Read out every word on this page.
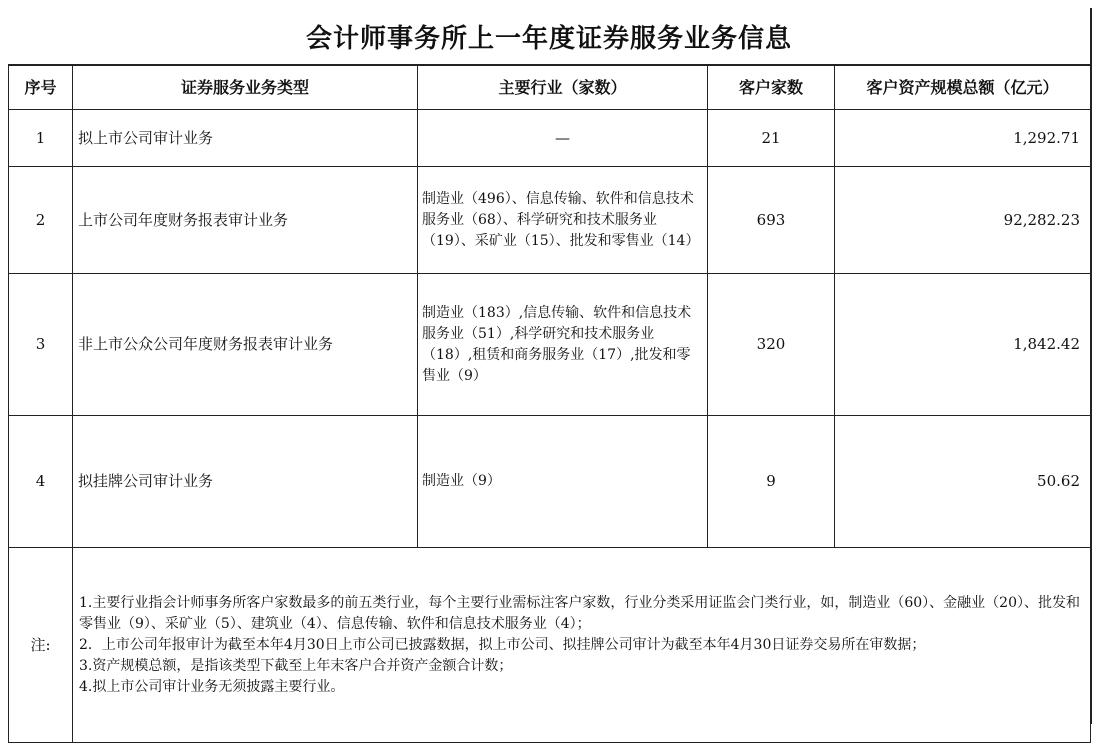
会计师事务所上一年度证券服务业务信息
序号	证券服务业务类型	主要行业（家数）	客户家数	客户资产规模总额（亿元）
1	拟上市公司审计业务	—	21	1,292.71
2	上市公司年度财务报表审计业务	制造业（496）、信息传输、软件和信息技术服务业（68）、科学研究和技术服务业（19）、采矿业（15）、批发和零售业（14）	693	92,282.23
3	非上市公众公司年度财务报表审计业务	制造业（183）,信息传输、软件和信息技术服务业（51）,科学研究和技术服务业（18）,租赁和商务服务业（17）,批发和零售业（9）	320	1,842.42
4	拟挂牌公司审计业务	制造业（9）	9	50.62
注:	1.主要行业指会计师事务所客户家数最多的前五类行业，每个主要行业需标注客户家数，行业分类采用证监会门类行业，如，制造业（60）、金融业（20）、批发和零售业（9）、采矿业（5）、建筑业（4）、信息传输、软件和信息技术服务业（4）；
2．上市公司年报审计为截至本年4月30日上市公司已披露数据，拟上市公司、拟挂牌公司审计为截至本年4月30日证券交易所在审数据；
3.资产规模总额，是指该类型下截至上年末客户合并资产金额合计数；
4.拟上市公司审计业务无须披露主要行业。			
